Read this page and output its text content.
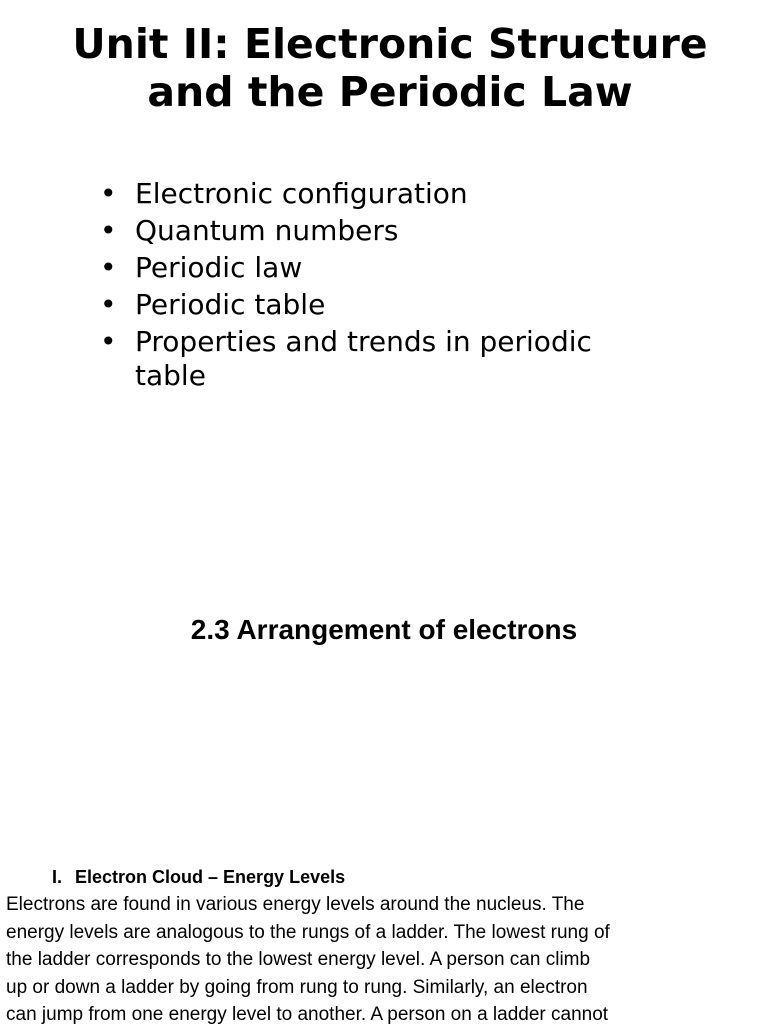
Unit II: Electronic Structure
and the Periodic Law
• Electronic configuration
• Quantum numbers
• Periodic law
• Periodic table
• Properties and trends in periodic table
2.3 Arrangement of electrons
I. Electron Cloud – Energy Levels

Electrons are found in various energy levels around the nucleus. The
energy levels are analogous to the rungs of a ladder. The lowest rung of
the ladder corresponds to the lowest energy level. A person can climb
up or down a ladder by going from rung to rung. Similarly, an electron
can jump from one energy level to another. A person on a ladder cannot
